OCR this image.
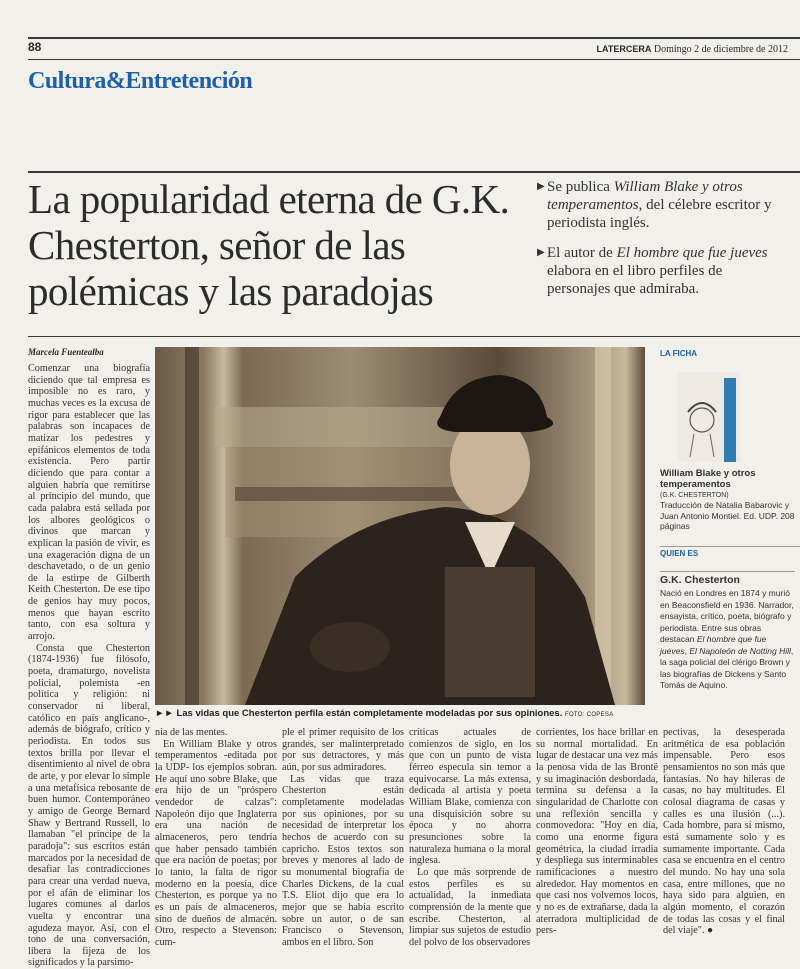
88	LATERCERA Domingo 2 de diciembre de 2012
Cultura&Entretención
La popularidad eterna de G.K. Chesterton, señor de las polémicas y las paradojas

▶ Se publica William Blake y otros temperamentos, del célebre escritor y periodista inglés.

▶ El autor de El hombre que fue jueves elabora en el libro perfiles de personajes que admiraba.

Marcela Fuentealba

Comenzar una biografía diciendo que tal empresa es imposible no es raro, y muchas veces es la excusa de rigor para establecer que las palabras son incapaces de matizar los pedestres y epifánicos elementos de toda existencia. Pero partir diciendo que para contar a alguien habría que remitirse al principio del mundo, que cada palabra está sellada por los albores geológicos o divinos que marcan y explican la pasión de vivir, es una exageración digna de un deschavetado, o de un genio de la estirpe de Gilberth Keith Chesterton. De ese tipo de genios hay muy pocos, menos que hayan escrito tanto, con esa soltura y arrojo.

Consta que Chesterton (1874-1936) fue filósofo, poeta, dramaturgo, novelista policial, polemista -en política y religión: ni conservador ni liberal, católico en país anglicano-, además de biógrafo, crítico y periodista. En todos sus textos brilla por llevar el disentimiento al nivel de obra de arte, y por elevar lo simple a una metafísica rebosante de buen humor. Contemporáneo y amigo de George Bernard Shaw y Bertrand Russell, lo llamaban "el príncipe de la paradoja": sus escritos están marcados por la necesidad de desafiar las contradicciones para crear una verdad nueva, por el afán de eliminar los lugares comunes al darlos vuelta y encontrar una agudeza mayor. Así, con el tono de una conversación, libera la fijeza de los significados y la parsimo-

►► Las vidas que Chesterton perfila están completamente modeladas por sus opiniones. FOTO: COPESA

nia de las mentes.

En William Blake y otros temperamentos -editada por la UDP- los ejemplos sobran. He aquí uno sobre Blake, que era hijo de un "próspero vendedor de calzas": Napoleón dijo que Inglaterra era una nación de almaceneros, pero tendría que haber pensado también que era nación de poetas; por lo tanto, la falta de rigor moderno en la poesía, dice Chesterton, es porque ya no es un país de almaceneros, sino de dueños de almacén. Otro, respecto a Stevenson: cum-

ple el primer requisito de los grandes, ser malinterpretado por sus detractores, y más aún, por sus admiradores.

Las vidas que traza Chesterton están completamente modeladas por sus opiniones, por su necesidad de interpretar los hechos de acuerdo con su capricho. Estos textos son breves y menores al lado de su monumental biografía de Charles Dickens, de la cual T.S. Eliot dijo que era lo mejor que se había escrito sobre un autor, o de san Francisco o Stevenson, ambos en el libro. Son

críticas actuales de comienzos de siglo, en los que con un punto de vista férreo especula sin temor a equivocarse. La más extensa, dedicada al artista y poeta William Blake, comienza con una disquisición sobre su época y no ahorra presunciones sobre la naturaleza humana o la moral inglesa.

Lo que más sorprende de estos perfiles es su actualidad, la inmediata comprensión de la mente que escribe. Chesterton, al limpiar sus sujetos de estudio del polvo de los observadores

corrientes, los hace brillar en su normal mortalidad. En lugar de destacar una vez más la penosa vida de las Brontë y su imaginación desbordada, termina su defensa a la singularidad de Charlotte con una reflexión sencilla y conmovedora: "Hoy en día, como una enorme figura geométrica, la ciudad irradia y despliega sus interminables ramificaciones a nuestro alrededor. Hay momentos en que casi nos volvemos locos, y no es de extrañarse, dada la aterradora multiplicidad de pers-

pectivas, la desesperada aritmética de esa población impensable. Pero esos pensamientos no son más que fantasías. No hay hileras de casas, no hay multitudes. El colosal diagrama de casas y calles es una ilusión (...). Cada hombre, para sí mismo, está sumamente solo y es sumamente importante. Cada casa se encuentra en el centro del mundo. No hay una sola casa, entre millones, que no haya sido para alguien, en algún momento, el corazón de todas las cosas y el final del viaje". ●

LA FICHA
William Blake y otros temperamentos
(G.K. CHESTERTON)
Traducción de Natalia Babarovic y Juan Antonio Montiel. Ed. UDP. 208 páginas
QUIEN ES
G.K. Chesterton
Nació en Londres en 1874 y murió en Beaconsfield en 1936. Narrador, ensayista, crítico, poeta, biógrafo y periodista. Entre sus obras destacan El hombre que fue jueves, El Napoleón de Notting Hill, la saga policial del clérigo Brown y las biografías de Dickens y Santo Tomás de Aquino.
